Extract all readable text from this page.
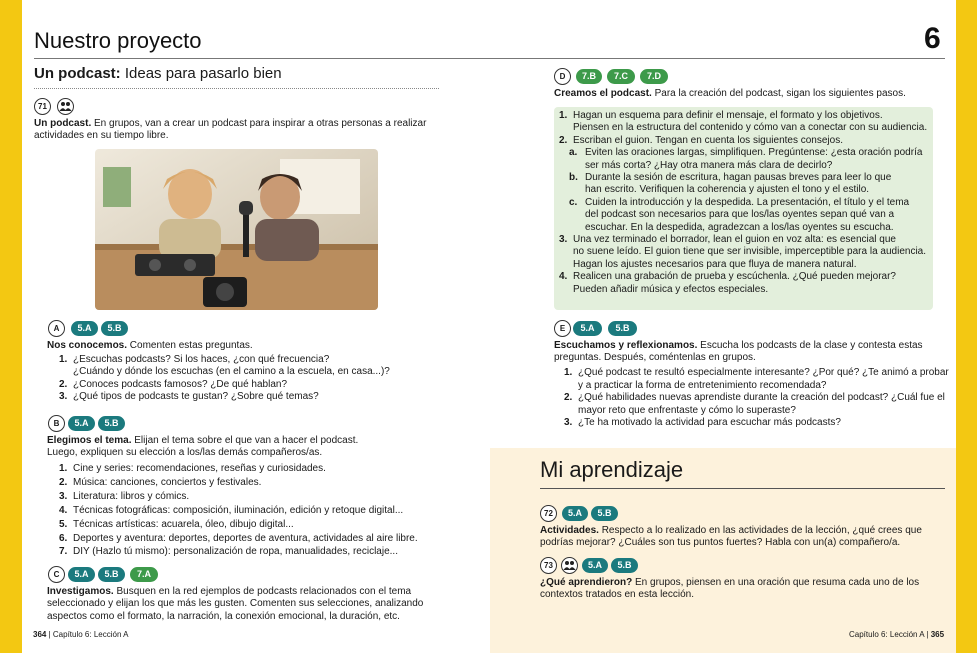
Nuestro proyecto	6
Un podcast: Ideas para pasarlo bien
71
Un podcast. En grupos, van a crear un podcast para inspirar a otras personas a realizar actividades en su tiempo libre.
A	5.A	5.B
Nos conocemos. Comenten estas preguntas.
1. ¿Escuchas podcasts? Si los haces, ¿con qué frecuencia?
¿Cuándo y dónde los escuchas (en el camino a la escuela, en casa...)?
2. ¿Conoces podcasts famosos? ¿De qué hablan?
3. ¿Qué tipos de podcasts te gustan? ¿Sobre qué temas?
B	5.A	5.B
Elegimos el tema. Elijan el tema sobre el que van a hacer el podcast.
Luego, expliquen su elección a los/las demás compañeros/as.
1. Cine y series: recomendaciones, reseñas y curiosidades.
2. Música: canciones, conciertos y festivales.
3. Literatura: libros y cómics.
4. Técnicas fotográficas: composición, iluminación, edición y retoque digital...
5. Técnicas artísticas: acuarela, óleo, dibujo digital...
6. Deportes y aventura: deportes, deportes de aventura, actividades al aire libre.
7. DIY (Hazlo tú mismo): personalización de ropa, manualidades, reciclaje...
C	5.A	5.B	7.A
Investigamos. Busquen en la red ejemplos de podcasts relacionados con el tema
seleccionado y elijan los que más les gusten. Comenten sus selecciones, analizando
aspectos como el formato, la narración, la conexión emocional, la duración, etc.
364 | Capítulo 6: Lección A
D	7.B	7.C	7.D
Creamos el podcast. Para la creación del podcast, sigan los siguientes pasos.
1. Hagan un esquema para definir el mensaje, el formato y los objetivos.
Piensen en la estructura del contenido y cómo van a conectar con su audiencia.
2. Escriban el guion. Tengan en cuenta los siguientes consejos.
a. Eviten las oraciones largas, simplifiquen. Pregúntense: ¿esta oración podría
ser más corta? ¿Hay otra manera más clara de decirlo?
b. Durante la sesión de escritura, hagan pausas breves para leer lo que
han escrito. Verifiquen la coherencia y ajusten el tono y el estilo.
c. Cuiden la introducción y la despedida. La presentación, el título y el tema
del podcast son necesarios para que los/las oyentes sepan qué van a
escuchar. En la despedida, agradezcan a los/las oyentes su escucha.
3. Una vez terminado el borrador, lean el guion en voz alta: es esencial que
no suene leído. El guion tiene que ser invisible, imperceptible para la audiencia.
Hagan los ajustes necesarios para que fluya de manera natural.
4. Realicen una grabación de prueba y escúchenla. ¿Qué pueden mejorar?
Pueden añadir música y efectos especiales.
E	5.A	5.B
Escuchamos y reflexionamos. Escucha los podcasts de la clase y contesta estas
preguntas. Después, coméntenlas en grupos.
1. ¿Qué podcast te resultó especialmente interesante? ¿Por qué? ¿Te animó a probar
y a practicar la forma de entretenimiento recomendada?
2. ¿Qué habilidades nuevas aprendiste durante la creación del podcast? ¿Cuál fue el
mayor reto que enfrentaste y cómo lo superaste?
3. ¿Te ha motivado la actividad para escuchar más podcasts?
Mi aprendizaje
72	5.A	5.B
Actividades. Respecto a lo realizado en las actividades de la lección, ¿qué crees que
podrías mejorar? ¿Cuáles son tus puntos fuertes? Habla con un(a) compañero/a.
73	5.A	5.B
¿Qué aprendieron? En grupos, piensen en una oración que resuma cada uno de los
contextos tratados en esta lección.
Capítulo 6: Lección A | 365
